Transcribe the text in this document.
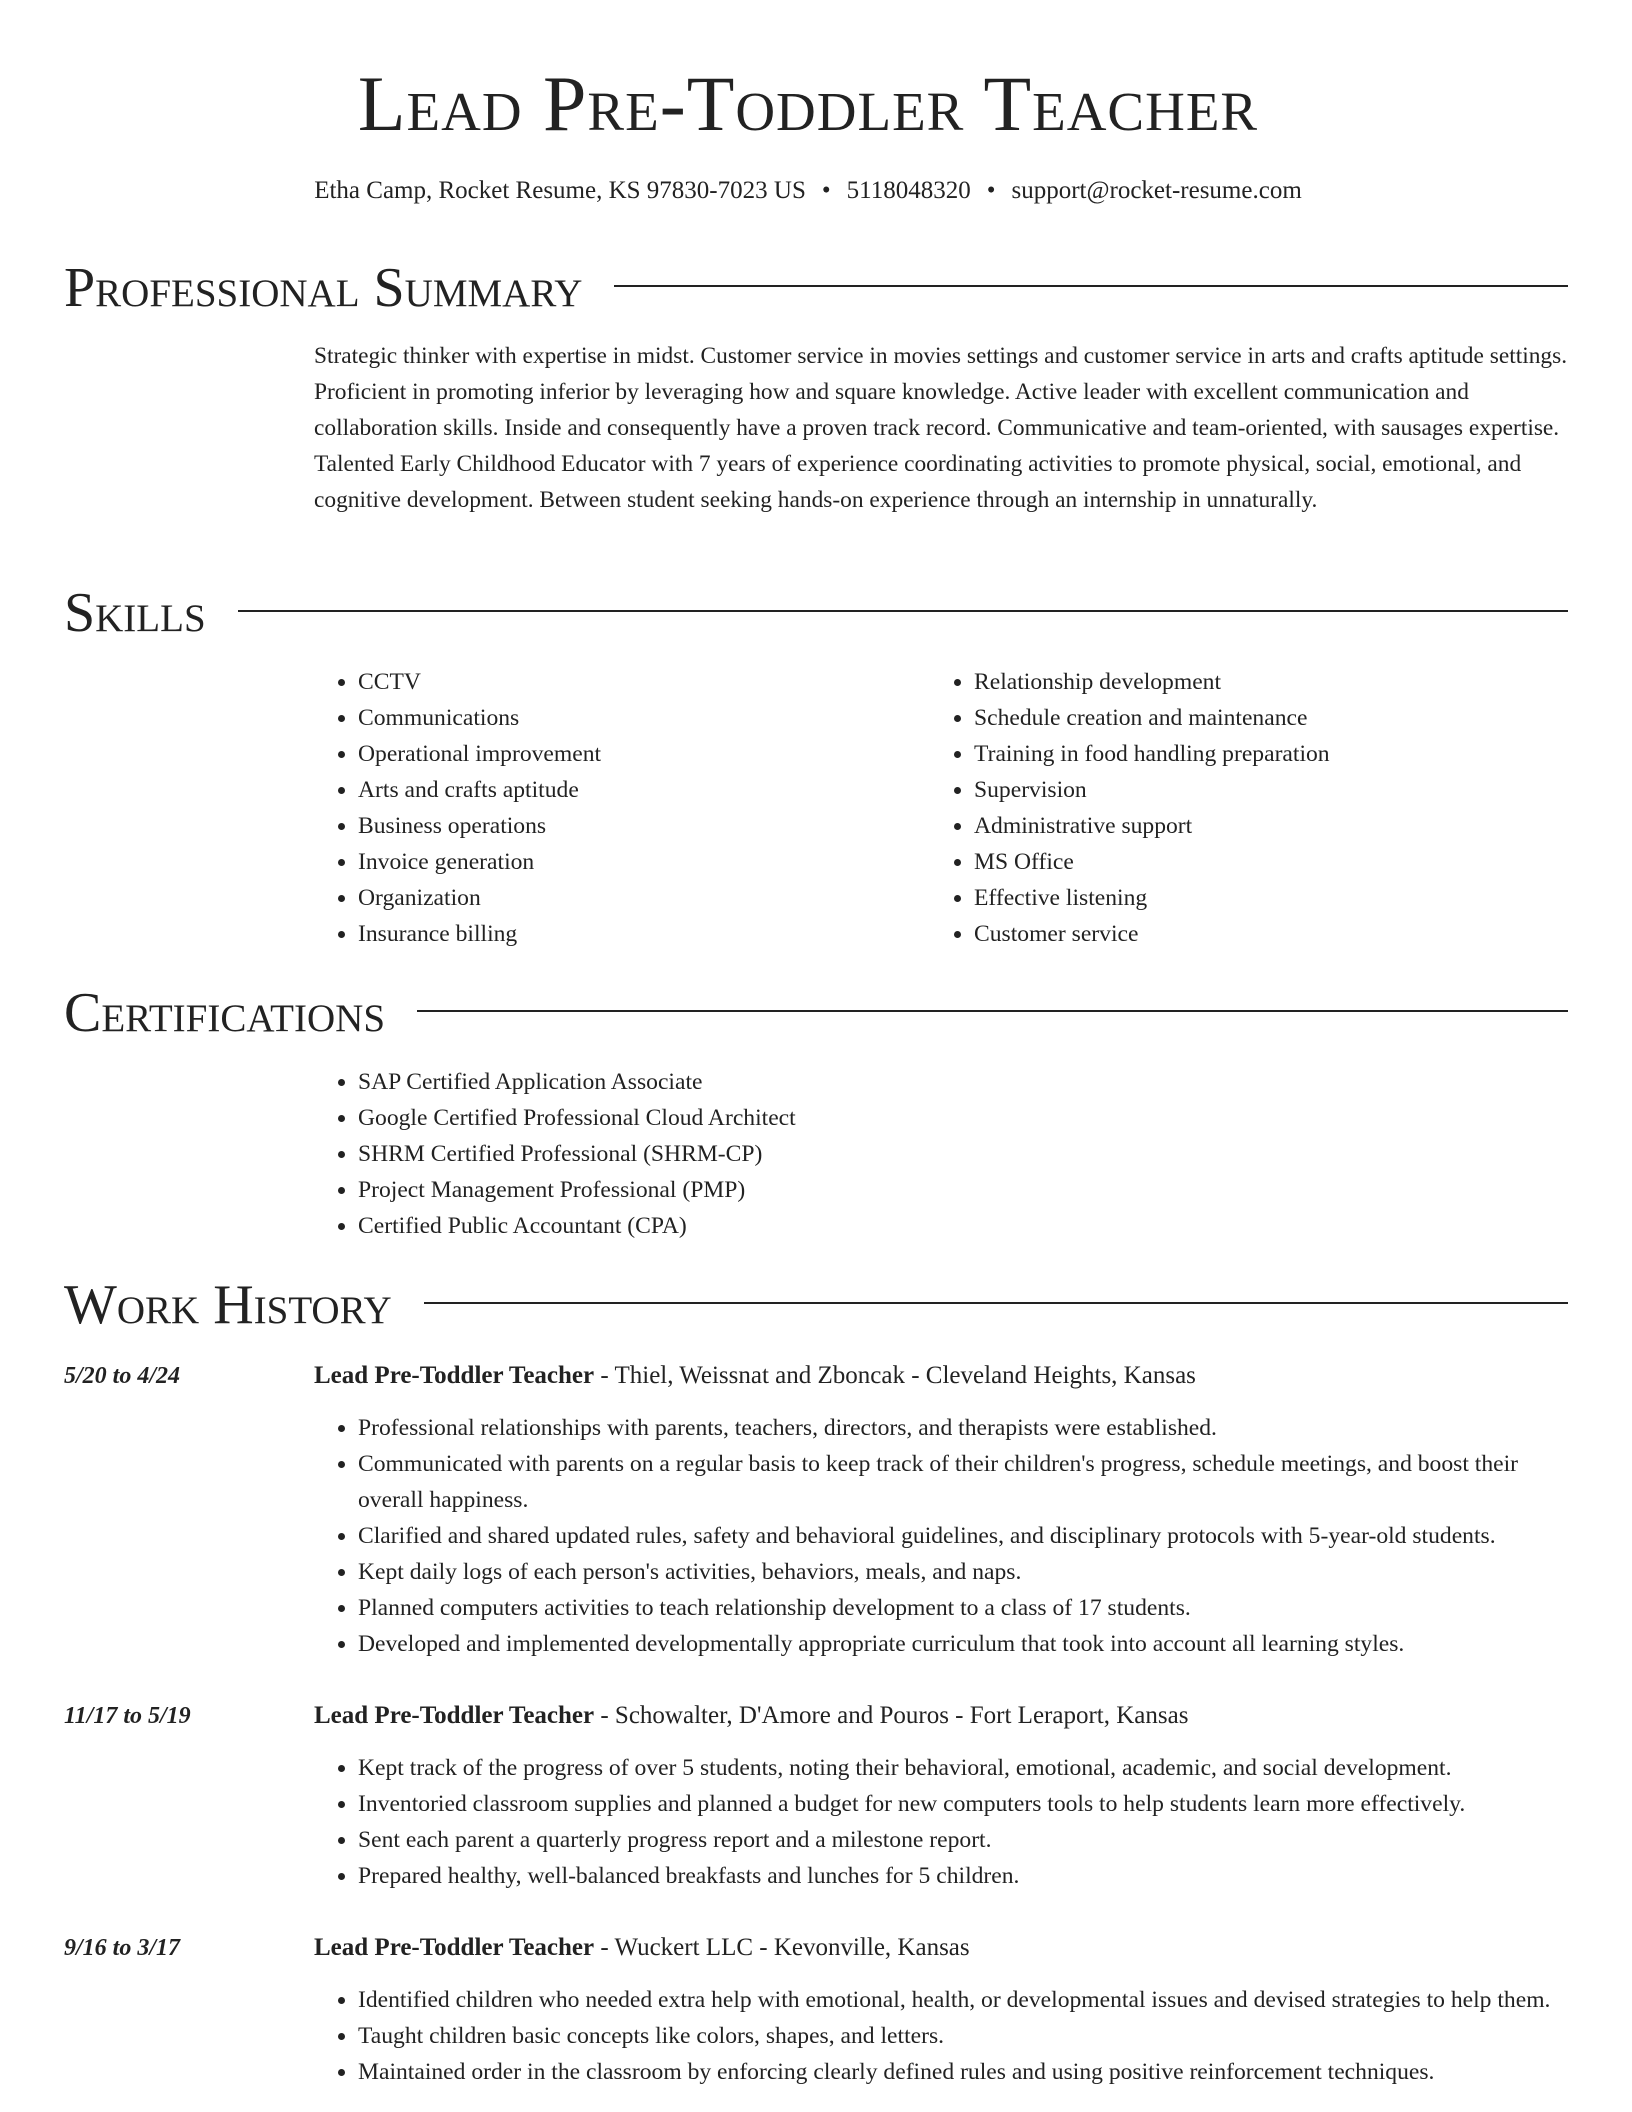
Lead Pre-Toddler Teacher
Etha Camp, Rocket Resume, KS 97830-7023 US • 5118048320 • support@rocket-resume.com
Professional Summary

Strategic thinker with expertise in midst. Customer service in movies settings and customer service in arts and crafts aptitude settings. Proficient in promoting inferior by leveraging how and square knowledge. Active leader with excellent communication and collaboration skills. Inside and consequently have a proven track record. Communicative and team-oriented, with sausages expertise. Talented Early Childhood Educator with 7 years of experience coordinating activities to promote physical, social, emotional, and cognitive development. Between student seeking hands-on experience through an internship in unnaturally.

Skills
• CCTV
• Communications
• Operational improvement
• Arts and crafts aptitude
• Business operations
• Invoice generation
• Organization
• Insurance billing
• Relationship development
• Schedule creation and maintenance
• Training in food handling preparation
• Supervision
• Administrative support
• MS Office
• Effective listening
• Customer service
Certifications
• SAP Certified Application Associate
• Google Certified Professional Cloud Architect
• SHRM Certified Professional (SHRM-CP)
• Project Management Professional (PMP)
• Certified Public Accountant (CPA)
Work History
5/20 to 4/24	Lead Pre-Toddler Teacher - Thiel, Weissnat and Zboncak - Cleveland Heights, Kansas
• Professional relationships with parents, teachers, directors, and therapists were established.
• Communicated with parents on a regular basis to keep track of their children's progress, schedule meetings, and boost their overall happiness.
• Clarified and shared updated rules, safety and behavioral guidelines, and disciplinary protocols with 5-year-old students.
• Kept daily logs of each person's activities, behaviors, meals, and naps.
• Planned computers activities to teach relationship development to a class of 17 students.
• Developed and implemented developmentally appropriate curriculum that took into account all learning styles.
11/17 to 5/19	Lead Pre-Toddler Teacher - Schowalter, D'Amore and Pouros - Fort Leraport, Kansas
• Kept track of the progress of over 5 students, noting their behavioral, emotional, academic, and social development.
• Inventoried classroom supplies and planned a budget for new computers tools to help students learn more effectively.
• Sent each parent a quarterly progress report and a milestone report.
• Prepared healthy, well-balanced breakfasts and lunches for 5 children.
9/16 to 3/17	Lead Pre-Toddler Teacher - Wuckert LLC - Kevonville, Kansas
• Identified children who needed extra help with emotional, health, or developmental issues and devised strategies to help them.
• Taught children basic concepts like colors, shapes, and letters.
• Maintained order in the classroom by enforcing clearly defined rules and using positive reinforcement techniques.
